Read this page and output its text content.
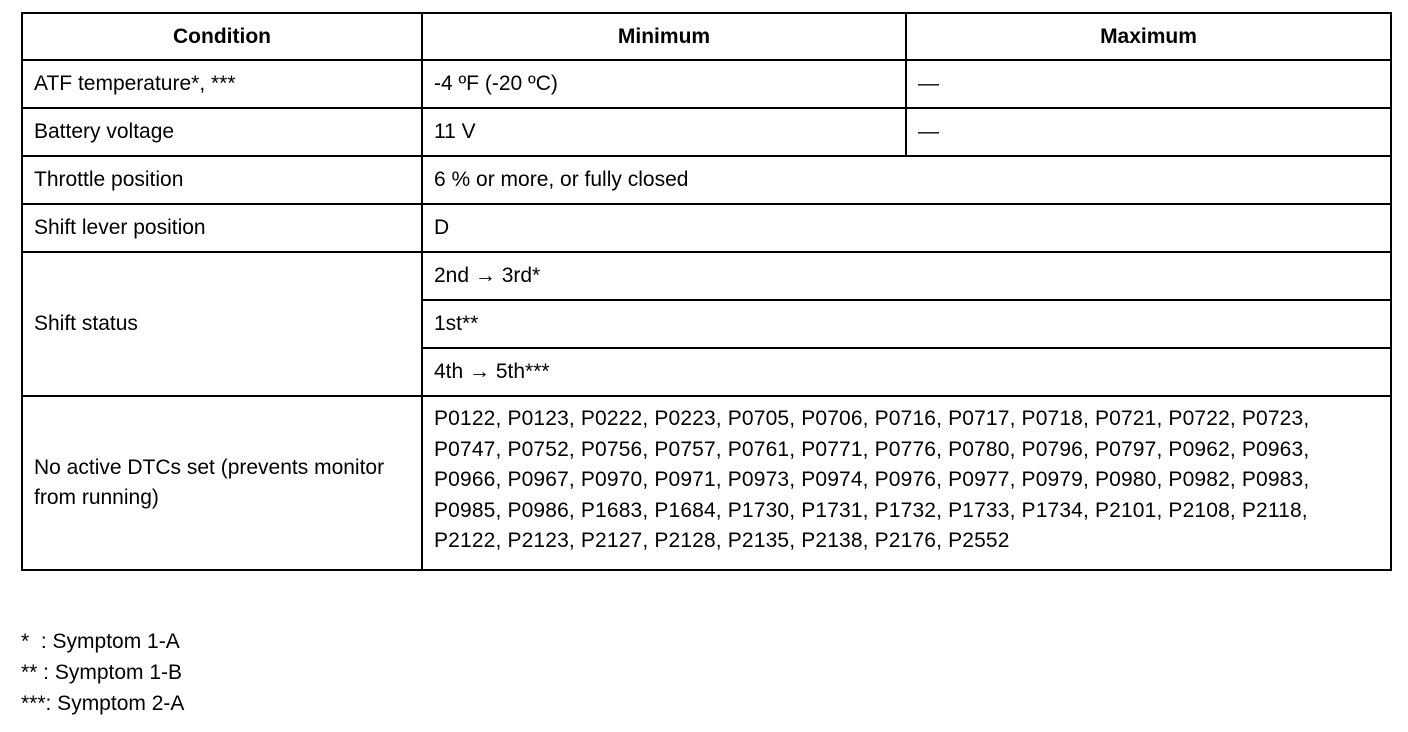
Condition	Minimum	Maximum
ATF temperature*, ***	-4 ºF (-20 ºC)	—
Battery voltage	11 V	—
Throttle position	6 % or more, or fully closed	
Shift lever position	D	
Shift status	2nd → 3rd*	
	1st**	
	4th → 5th***	
No active DTCs set (prevents monitor from running)	P0122, P0123, P0222, P0223, P0705, P0706, P0716, P0717, P0718, P0721, P0722, P0723, P0747, P0752, P0756, P0757, P0761, P0771, P0776, P0780, P0796, P0797, P0962, P0963, P0966, P0967, P0970, P0971, P0973, P0974, P0976, P0977, P0979, P0980, P0982, P0983, P0985, P0986, P1683, P1684, P1730, P1731, P1732, P1733, P1734, P2101, P2108, P2118, P2122, P2123, P2127, P2128, P2135, P2138, P2176, P2552	
*  : Symptom 1-A
** : Symptom 1-B
***: Symptom 2-A
